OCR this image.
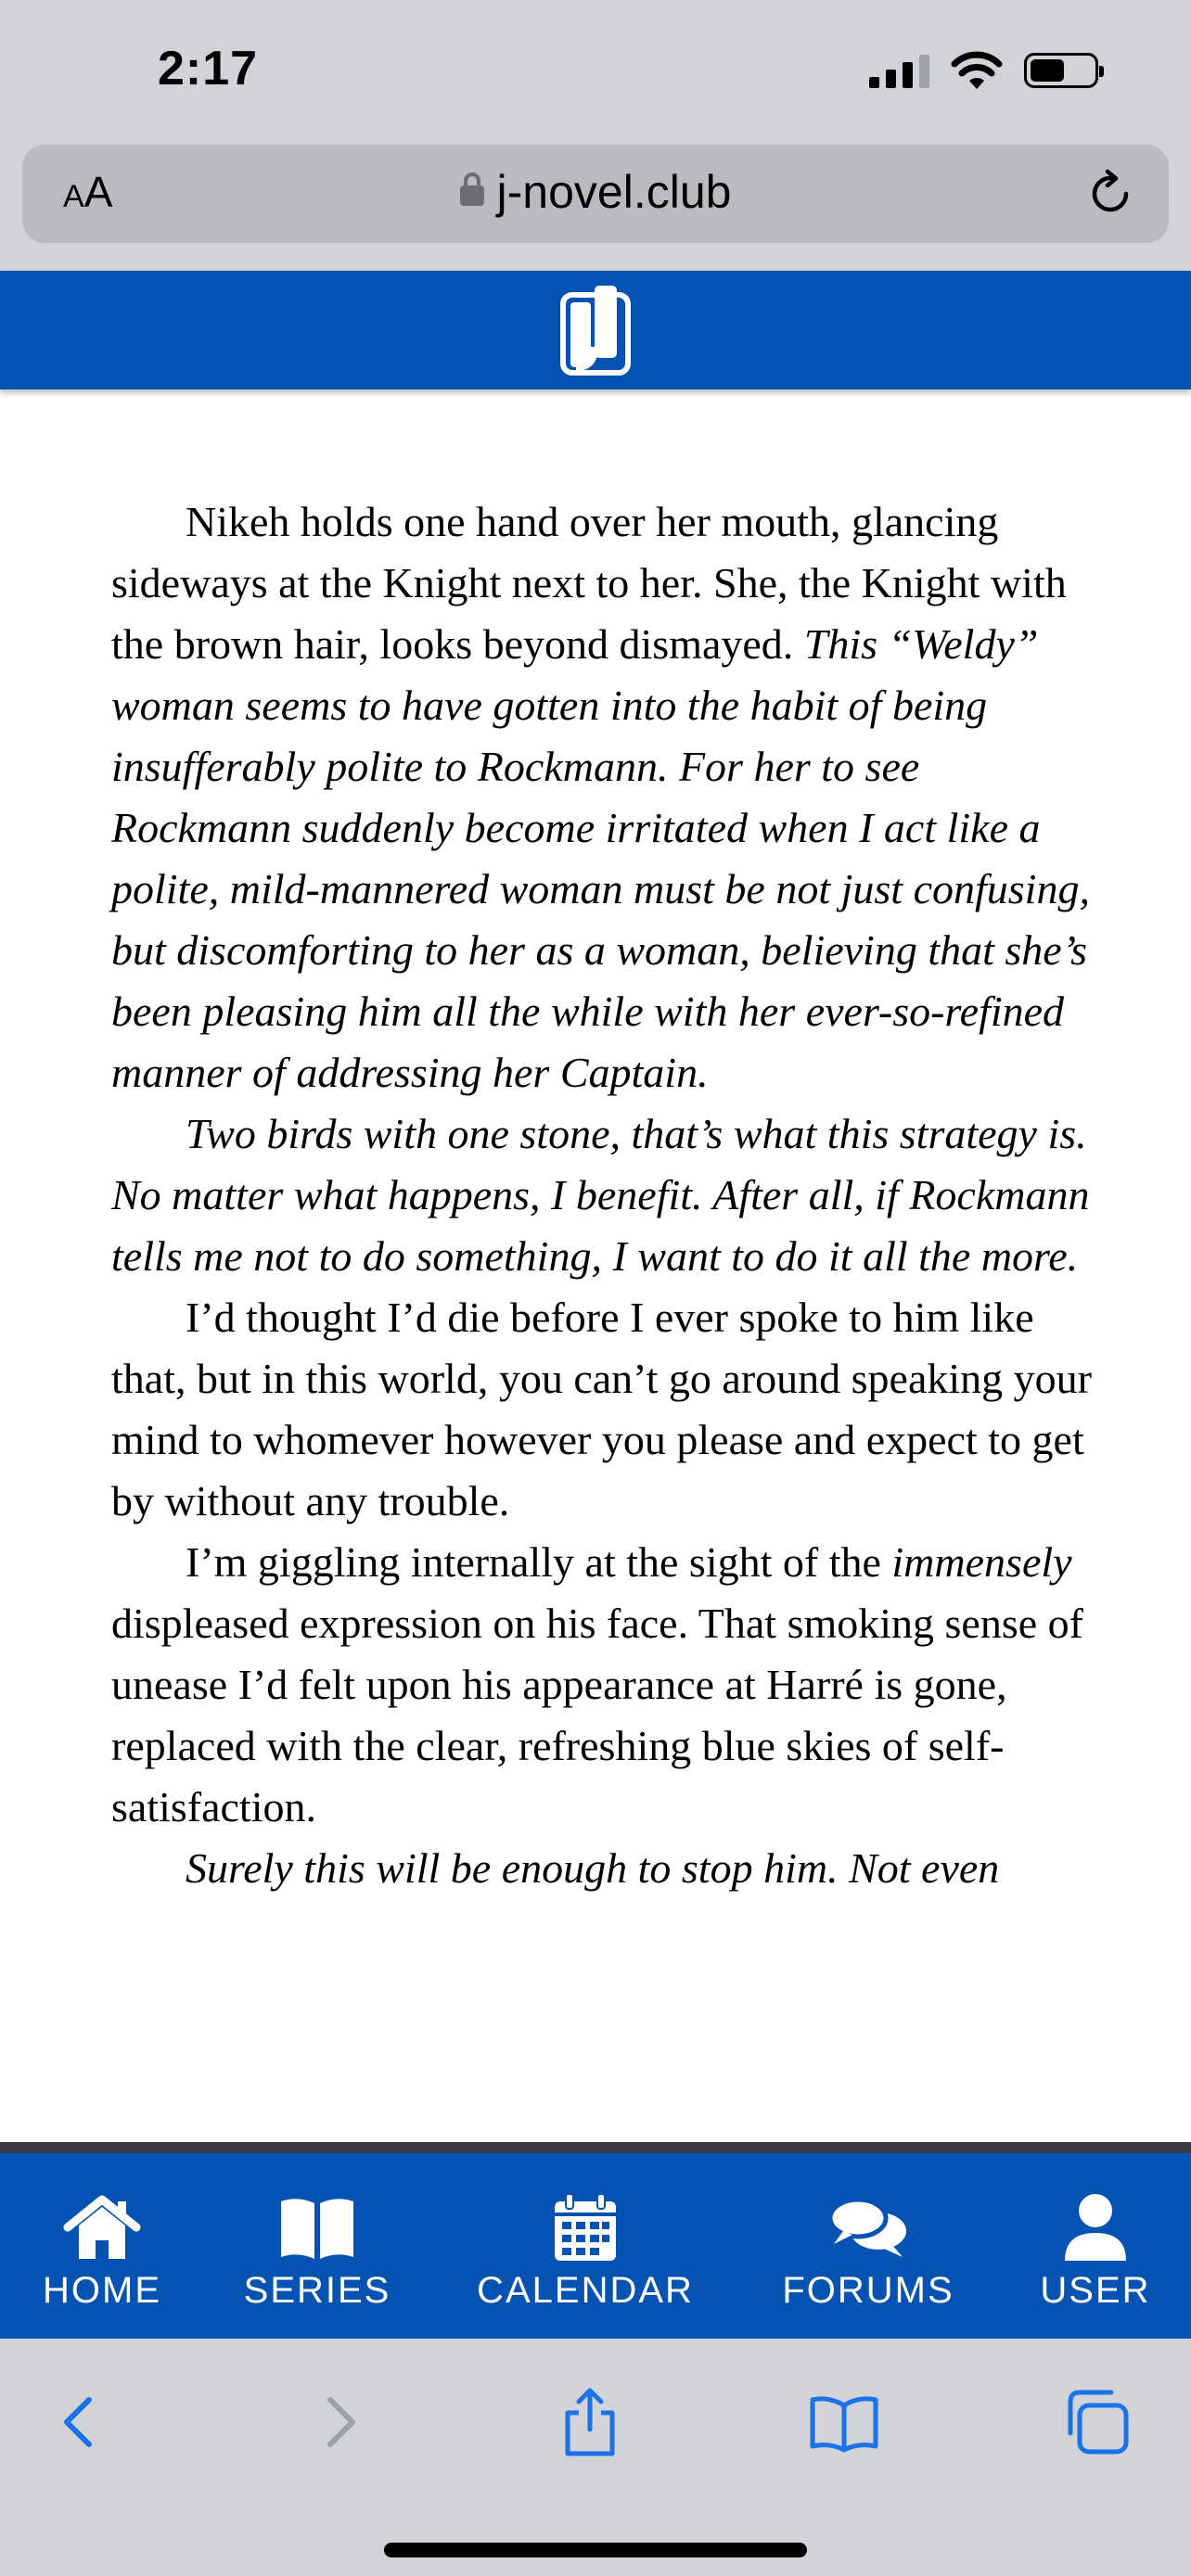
2:17
AA	j-novel.club

Nikeh holds one hand over her mouth, glancing sideways at the Knight next to her. She, the Knight with the brown hair, looks beyond dismayed. This “Weldy” woman seems to have gotten into the habit of being insufferably polite to Rockmann. For her to see Rockmann suddenly become irritated when I act like a polite, mild-mannered woman must be not just confusing, but discomforting to her as a woman, believing that she’s been pleasing him all the while with her ever-so-refined manner of addressing her Captain.

Two birds with one stone, that’s what this strategy is. No matter what happens, I benefit. After all, if Rockmann tells me not to do something, I want to do it all the more.

I’d thought I’d die before I ever spoke to him like that, but in this world, you can’t go around speaking your mind to whomever however you please and expect to get by without any trouble.

I’m giggling internally at the sight of the immensely displeased expression on his face. That smoking sense of unease I’d felt upon his appearance at Harré is gone, replaced with the clear, refreshing blue skies of self-satisfaction.

Surely this will be enough to stop him. Not even

HOME SERIES CALENDAR FORUMS USER
